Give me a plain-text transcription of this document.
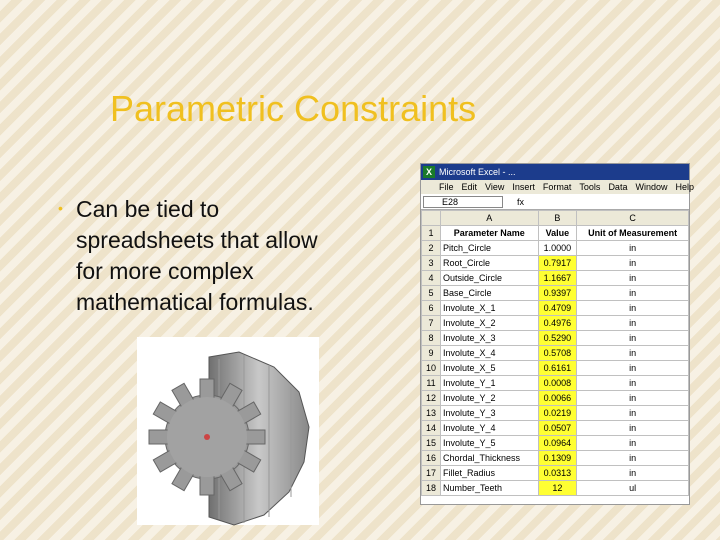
Parametric Constraints
• Can be tied to
spreadsheets that allow
for more complex
mathematical formulas.
X Microsoft Excel - ...
File Edit View Insert Format Tools Data Window Help
E28	fx
	A	B	C
1	Parameter Name	Value	Unit of Measurement
2	Pitch_Circle	1.0000	in
3	Root_Circle	0.7917	in
4	Outside_Circle	1.1667	in
5	Base_Circle	0.9397	in
6	Involute_X_1	0.4709	in
7	Involute_X_2	0.4976	in
8	Involute_X_3	0.5290	in
9	Involute_X_4	0.5708	in
10	Involute_X_5	0.6161	in
11	Involute_Y_1	0.0008	in
12	Involute_Y_2	0.0066	in
13	Involute_Y_3	0.0219	in
14	Involute_Y_4	0.0507	in
15	Involute_Y_5	0.0964	in
16	Chordal_Thickness	0.1309	in
17	Fillet_Radius	0.0313	in
18	Number_Teeth	12	ul
